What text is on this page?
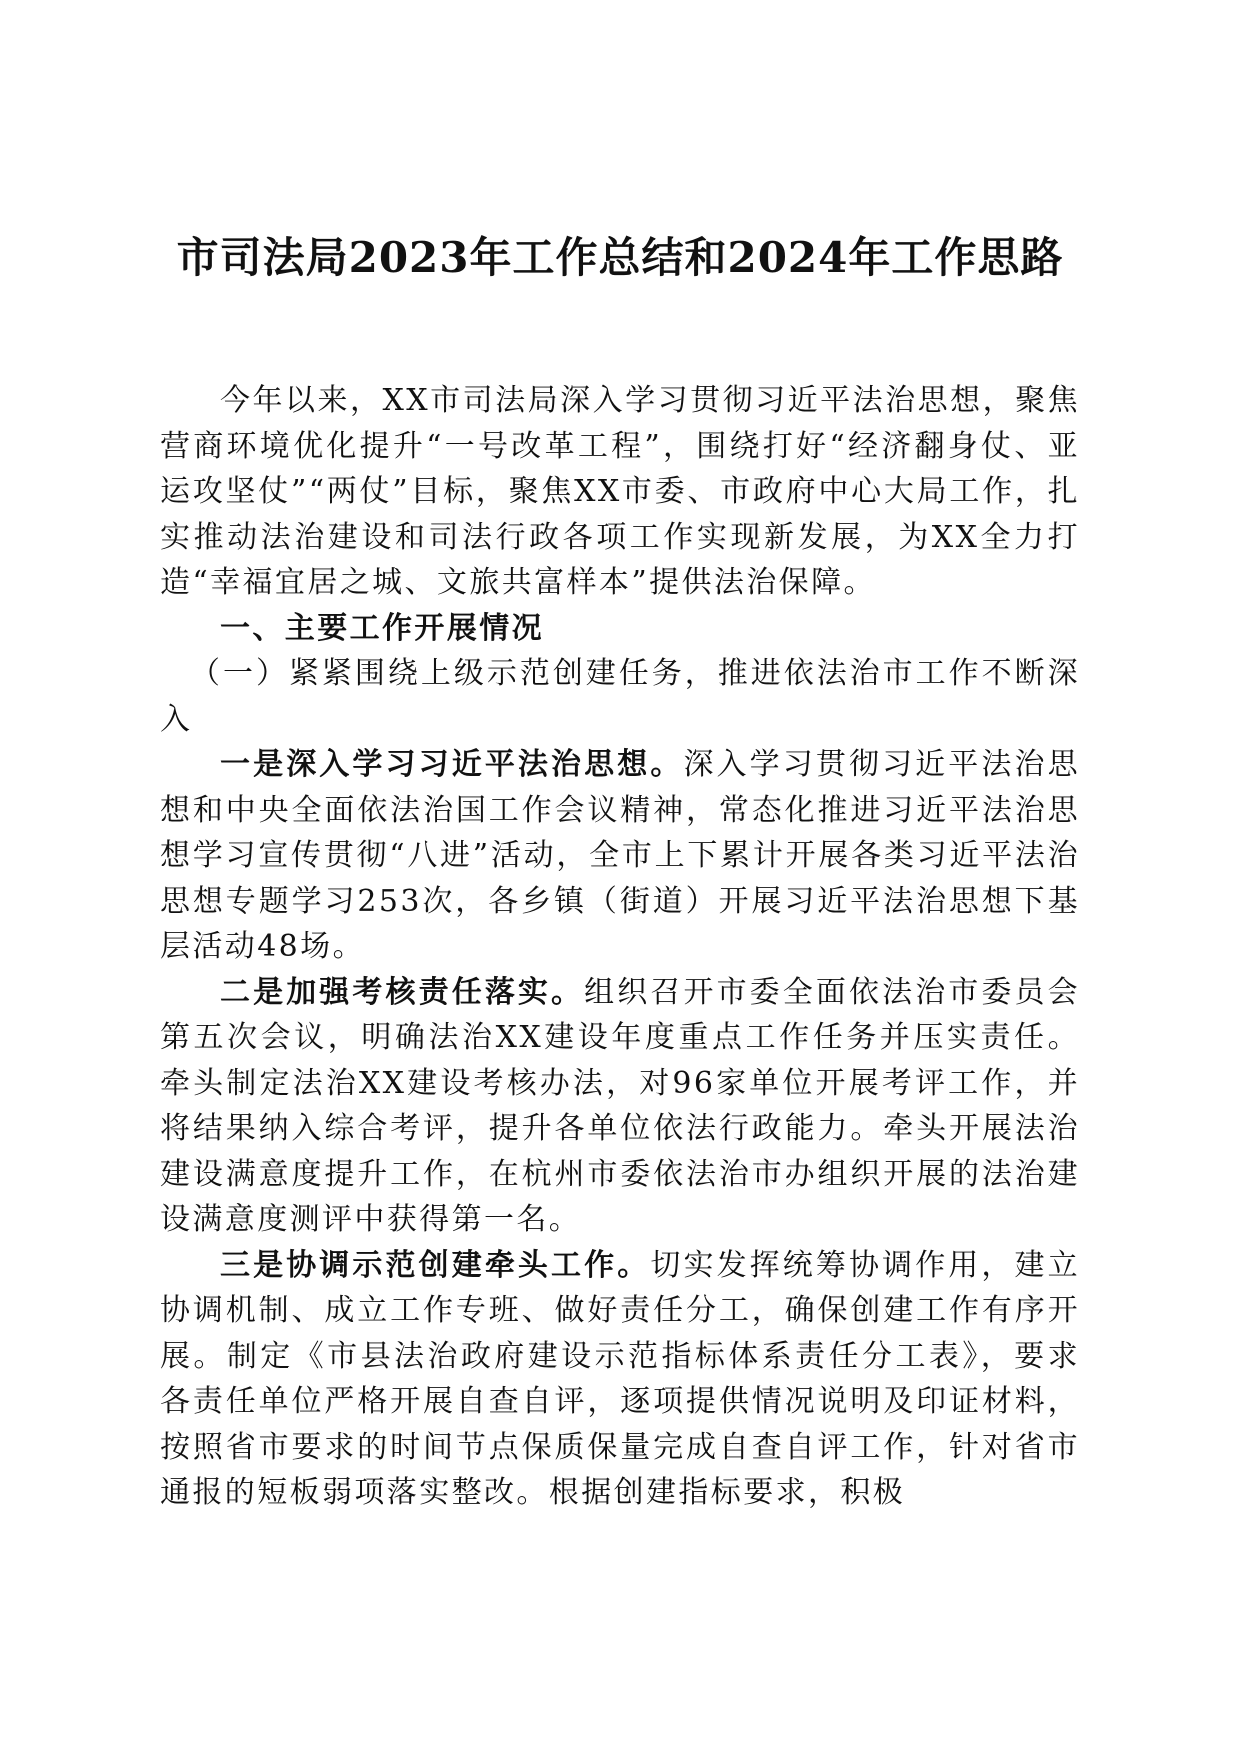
市司法局2023年工作总结和2024年工作思路

今年以来，XX市司法局深入学习贯彻习近平法治思想，聚焦营商环境优化提升“一号改革工程”，围绕打好“经济翻身仗、亚运攻坚仗”“两仗”目标，聚焦XX市委、市政府中心大局工作，扎实推动法治建设和司法行政各项工作实现新发展，为XX全力打造“幸福宜居之城、文旅共富样本”提供法治保障。

一、主要工作开展情况

（一）紧紧围绕上级示范创建任务，推进依法治市工作不断深入

一是深入学习习近平法治思想。深入学习贯彻习近平法治思想和中央全面依法治国工作会议精神，常态化推进习近平法治思想学习宣传贯彻“八进”活动，全市上下累计开展各类习近平法治思想专题学习253次，各乡镇（街道）开展习近平法治思想下基层活动48场。

二是加强考核责任落实。组织召开市委全面依法治市委员会第五次会议，明确法治XX建设年度重点工作任务并压实责任。牵头制定法治XX建设考核办法，对96家单位开展考评工作，并将结果纳入综合考评，提升各单位依法行政能力。牵头开展法治建设满意度提升工作，在杭州市委依法治市办组织开展的法治建设满意度测评中获得第一名。

三是协调示范创建牵头工作。切实发挥统筹协调作用，建立协调机制、成立工作专班、做好责任分工，确保创建工作有序开展。制定《市县法治政府建设示范指标体系责任分工表》，要求各责任单位严格开展自查自评，逐项提供情况说明及印证材料，按照省市要求的时间节点保质保量完成自查自评工作，针对省市通报的短板弱项落实整改。根据创建指标要求，积极
